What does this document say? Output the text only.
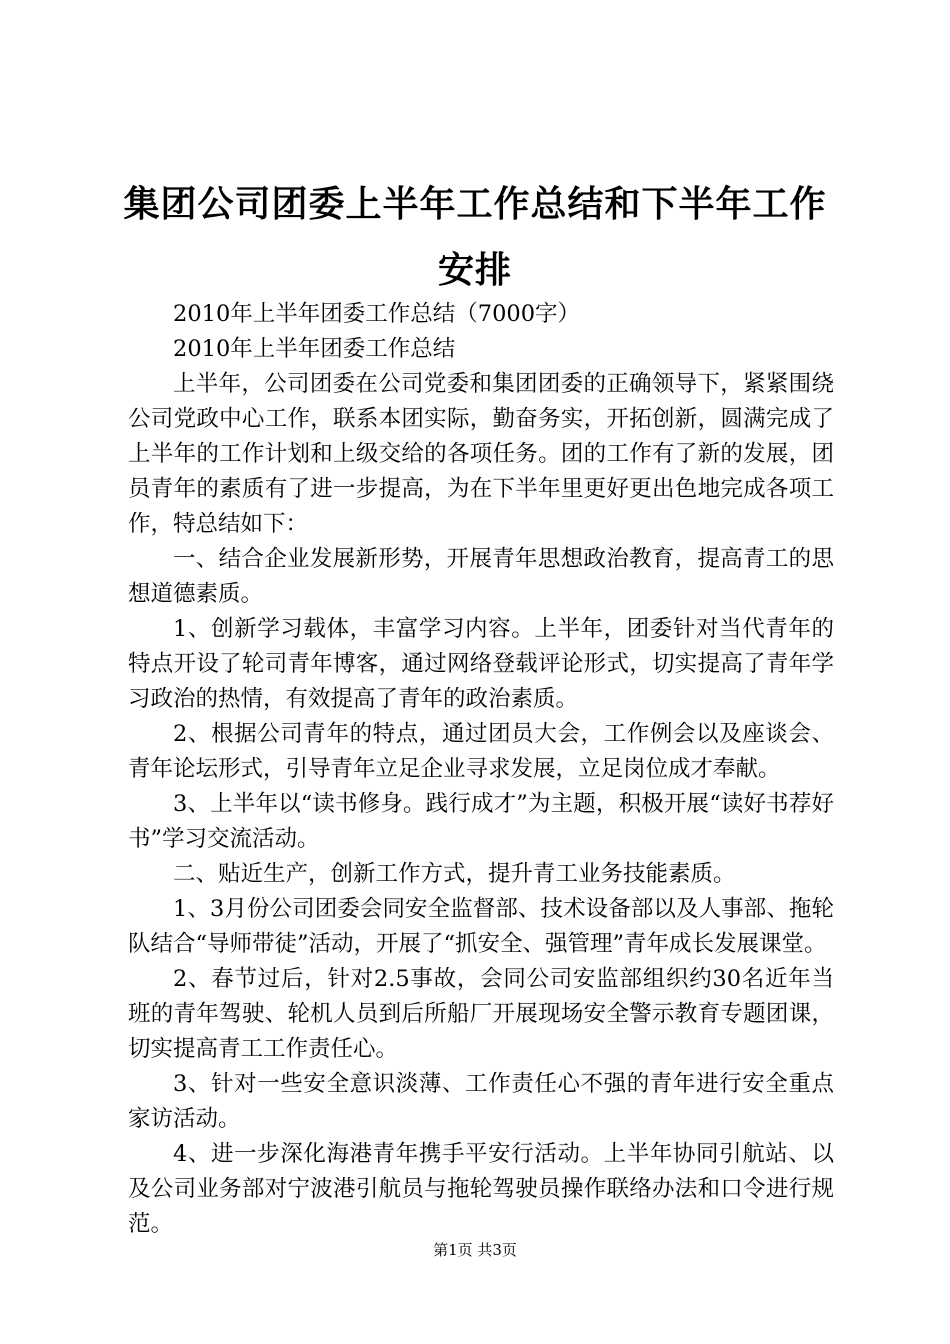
集团公司团委上半年工作总结和下半年工作安排

2010年上半年团委工作总结（7000字）

2010年上半年团委工作总结

上半年，公司团委在公司党委和集团团委的正确领导下，紧紧围绕公司党政中心工作，联系本团实际，勤奋务实，开拓创新，圆满完成了上半年的工作计划和上级交给的各项任务。团的工作有了新的发展，团员青年的素质有了进一步提高，为在下半年里更好更出色地完成各项工作，特总结如下：

一、结合企业发展新形势，开展青年思想政治教育，提高青工的思想道德素质。

1、创新学习载体，丰富学习内容。上半年，团委针对当代青年的特点开设了轮司青年博客，通过网络登载评论形式，切实提高了青年学习政治的热情，有效提高了青年的政治素质。

2、根据公司青年的特点，通过团员大会，工作例会以及座谈会、青年论坛形式，引导青年立足企业寻求发展，立足岗位成才奉献。

3、上半年以“读书修身。践行成才”为主题，积极开展“读好书荐好书”学习交流活动。

二、贴近生产，创新工作方式，提升青工业务技能素质。

1、3月份公司团委会同安全监督部、技术设备部以及人事部、拖轮队结合“导师带徒”活动，开展了“抓安全、强管理”青年成长发展课堂。

2、春节过后，针对2.5事故，会同公司安监部组织约30名近年当班的青年驾驶、轮机人员到后所船厂开展现场安全警示教育专题团课，切实提高青工工作责任心。

3、针对一些安全意识淡薄、工作责任心不强的青年进行安全重点家访活动。

4、进一步深化海港青年携手平安行活动。上半年协同引航站、以及公司业务部对宁波港引航员与拖轮驾驶员操作联络办法和口令进行规范。

第1页 共3页
